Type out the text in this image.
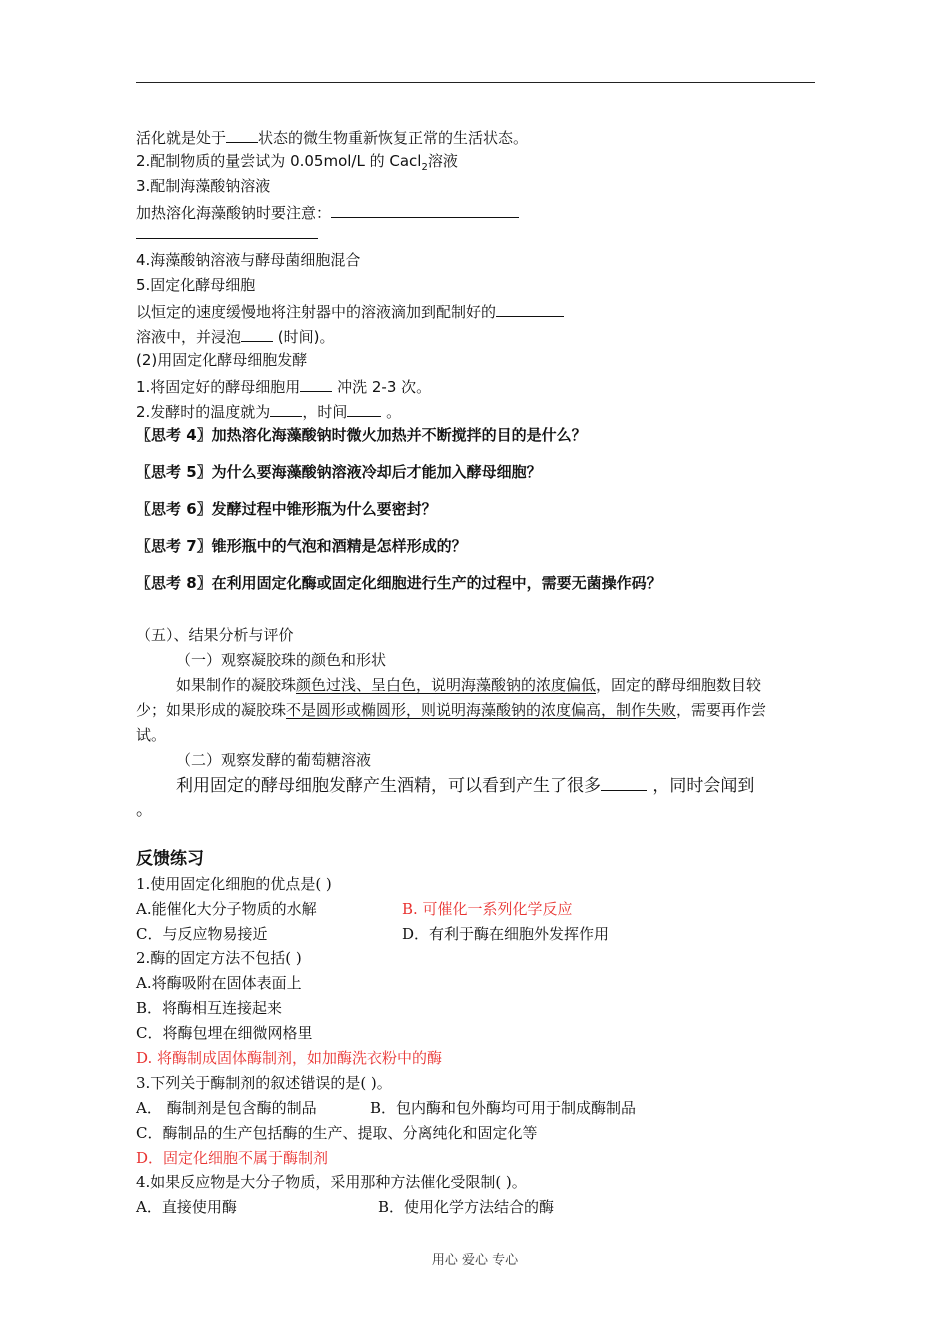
活化就是处于 状态的微生物重新恢复正常的生活状态。
2.配制物质的量尝试为 0.05mol/L 的 Cacl$_2$溶液
3.配制海藻酸钠溶液
加热溶化海藻酸钠时要注意：
4.海藻酸钠溶液与酵母菌细胞混合
5.固定化酵母细胞
以恒定的速度缓慢地将注射器中的溶液滴加到配制好的
溶液中，并浸泡 (时间)。
(2)用固定化酵母细胞发酵
1.将固定好的酵母细胞用 冲洗 2-3 次。
2.发酵时的温度就为 ，时间	。
〖思考 4〗加热溶化海藻酸钠时微火加热并不断搅拌的目的是什么？
〖思考 5〗为什么要海藻酸钠溶液冷却后才能加入酵母细胞？
〖思考 6〗发酵过程中锥形瓶为什么要密封？
〖思考 7〗锥形瓶中的气泡和酒精是怎样形成的？
〖思考 8〗在利用固定化酶或固定化细胞进行生产的过程中，需要无菌操作码？
（五）、结果分析与评价
（一）观察凝胶珠的颜色和形状
如果制作的凝胶珠颜色过浅、呈白色，说明海藻酸钠的浓度偏低，固定的酵母细胞数目较
少；如果形成的凝胶珠不是圆形或椭圆形，则说明海藻酸钠的浓度偏高，制作失败，需要再作尝
试。
（二）观察发酵的葡萄糖溶液
利用固定的酵母细胞发酵产生酒精，可以看到产生了很多	，同时会闻到
。
反馈练习
1.使用固定化细胞的优点是( )
A.能催化大分子物质的水解	B. 可催化一系列化学反应
C．与反应物易接近	D．有利于酶在细胞外发挥作用
2.酶的固定方法不包括( )
A.将酶吸附在固体表面上
B．将酶相互连接起来
C．将酶包埋在细微网格里
D. 将酶制成固体酶制剂，如加酶洗衣粉中的酶
3.下列关于酶制剂的叙述错误的是( )。
A． 酶制剂是包含酶的制品	B．包内酶和包外酶均可用于制成酶制品
C．酶制品的生产包括酶的生产、提取、分离纯化和固定化等
D．固定化细胞不属于酶制剂
4.如果反应物是大分子物质，采用那种方法催化受限制( )。
A．直接使用酶	B．使用化学方法结合的酶
用心 爱心 专心
